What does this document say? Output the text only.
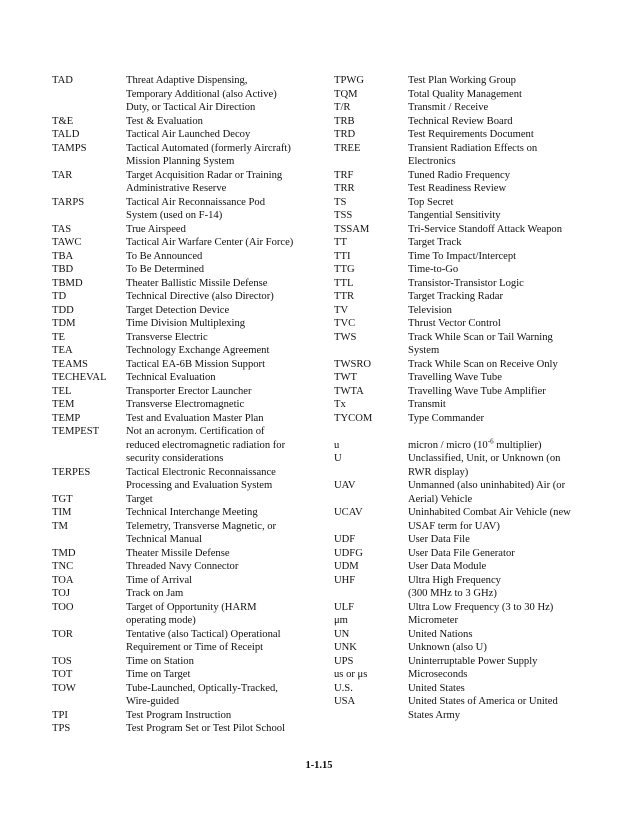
TAD	Threat Adaptive Dispensing,
Temporary Additional (also Active)
Duty, or Tactical Air Direction
T&E	Test & Evaluation
TALD	Tactical Air Launched Decoy
TAMPS	Tactical Automated (formerly Aircraft)
Mission Planning System
TAR	Target Acquisition Radar or Training
Administrative Reserve
TARPS	Tactical Air Reconnaissance Pod
System (used on F-14)
TAS	True Airspeed
TAWC	Tactical Air Warfare Center (Air Force)
TBA	To Be Announced
TBD	To Be Determined
TBMD	Theater Ballistic Missile Defense
TD	Technical Directive (also Director)
TDD	Target Detection Device
TDM	Time Division Multiplexing
TE	Transverse Electric
TEA	Technology Exchange Agreement
TEAMS	Tactical EA-6B Mission Support
TECHEVAL	Technical Evaluation
TEL	Transporter Erector Launcher
TEM	Transverse Electromagnetic
TEMP	Test and Evaluation Master Plan
TEMPEST	Not an acronym. Certification of
reduced electromagnetic radiation for
security considerations
TERPES	Tactical Electronic Reconnaissance
Processing and Evaluation System
TGT	Target
TIM	Technical Interchange Meeting
TM	Telemetry, Transverse Magnetic, or
Technical Manual
TMD	Theater Missile Defense
TNC	Threaded Navy Connector
TOA	Time of Arrival
TOJ	Track on Jam
TOO	Target of Opportunity (HARM
operating mode)
TOR	Tentative (also Tactical) Operational
Requirement or Time of Receipt
TOS	Time on Station
TOT	Time on Target
TOW	Tube-Launched, Optically-Tracked,
Wire-guided
TPI	Test Program Instruction
TPS	Test Program Set or Test Pilot School
TPWG	Test Plan Working Group
TQM	Total Quality Management
T/R	Transmit / Receive
TRB	Technical Review Board
TRD	Test Requirements Document
TREE	Transient Radiation Effects on
Electronics
TRF	Tuned Radio Frequency
TRR	Test Readiness Review
TS	Top Secret
TSS	Tangential Sensitivity
TSSAM	Tri-Service Standoff Attack Weapon
TT	Target Track
TTI	Time To Impact/Intercept
TTG	Time-to-Go
TTL	Transistor-Transistor Logic
TTR	Target Tracking Radar
TV	Television
TVC	Thrust Vector Control
TWS	Track While Scan or Tail Warning
System
TWSRO	Track While Scan on Receive Only
TWT	Travelling Wave Tube
TWTA	Travelling Wave Tube Amplifier
Tx	Transmit
TYCOM	Type Commander
u	micron / micro ($10^{-6}$ multiplier)
U	Unclassified, Unit, or Unknown (on
RWR display)
UAV	Unmanned (also uninhabited) Air (or
Aerial) Vehicle
UCAV	Uninhabited Combat Air Vehicle (new
USAF term for UAV)
UDF	User Data File
UDFG	User Data File Generator
UDM	User Data Module
UHF	Ultra High Frequency
(300 MHz to 3 GHz)
ULF	Ultra Low Frequency (3 to 30 Hz)
μm	Micrometer
UN	United Nations
UNK	Unknown (also U)
UPS	Uninterruptable Power Supply
us or μs	Microseconds
U.S.	United States
USA	United States of America or United
States Army
1-1.15
